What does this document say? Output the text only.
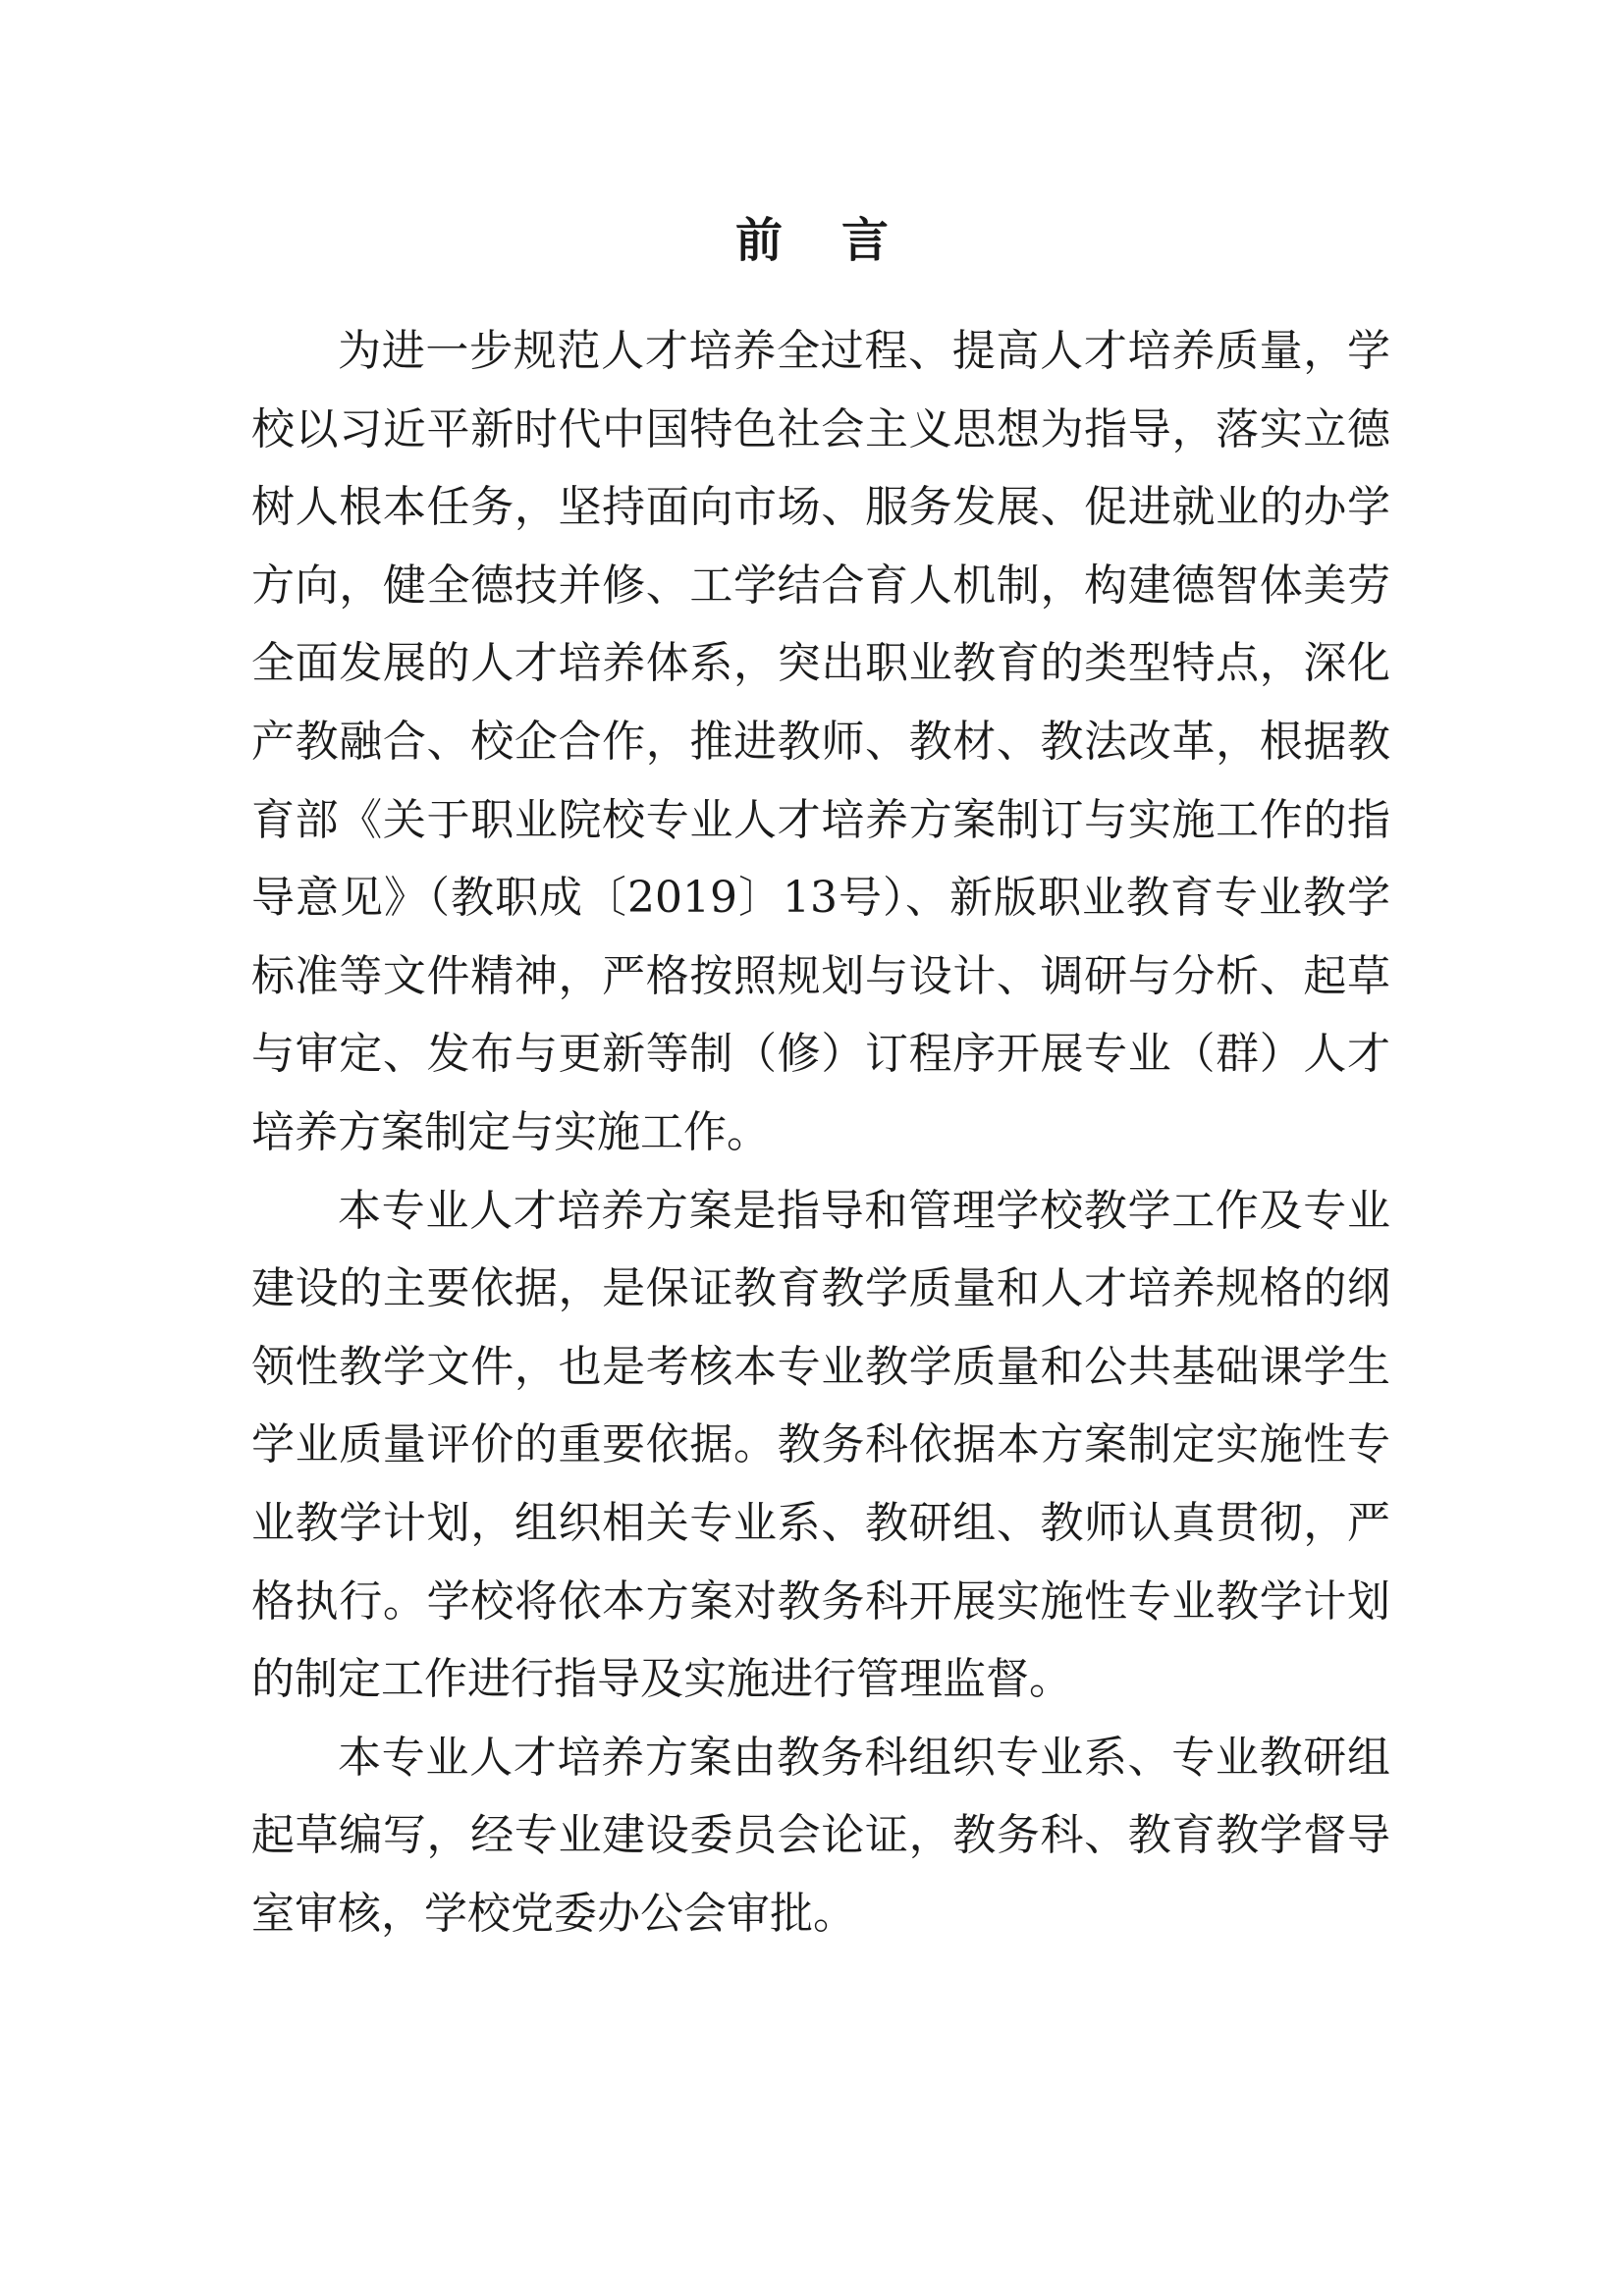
前言

为进一步规范人才培养全过程、提高人才培养质量，学校以习近平新时代中国特色社会主义思想为指导，落实立德树人根本任务，坚持面向市场、服务发展、促进就业的办学方向，健全德技并修、工学结合育人机制，构建德智体美劳全面发展的人才培养体系，突出职业教育的类型特点，深化产教融合、校企合作，推进教师、教材、教法改革，根据教育部《关于职业院校专业人才培养方案制订与实施工作的指导意见》（教职成〔2019〕13号）、新版职业教育专业教学标准等文件精神，严格按照规划与设计、调研与分析、起草与审定、发布与更新等制（修）订程序开展专业（群）人才培养方案制定与实施工作。

本专业人才培养方案是指导和管理学校教学工作及专业建设的主要依据，是保证教育教学质量和人才培养规格的纲领性教学文件，也是考核本专业教学质量和公共基础课学生学业质量评价的重要依据。教务科依据本方案制定实施性专业教学计划，组织相关专业系、教研组、教师认真贯彻，严格执行。学校将依本方案对教务科开展实施性专业教学计划的制定工作进行指导及实施进行管理监督。

本专业人才培养方案由教务科组织专业系、专业教研组起草编写，经专业建设委员会论证，教务科、教育教学督导室审核，学校党委办公会审批。
